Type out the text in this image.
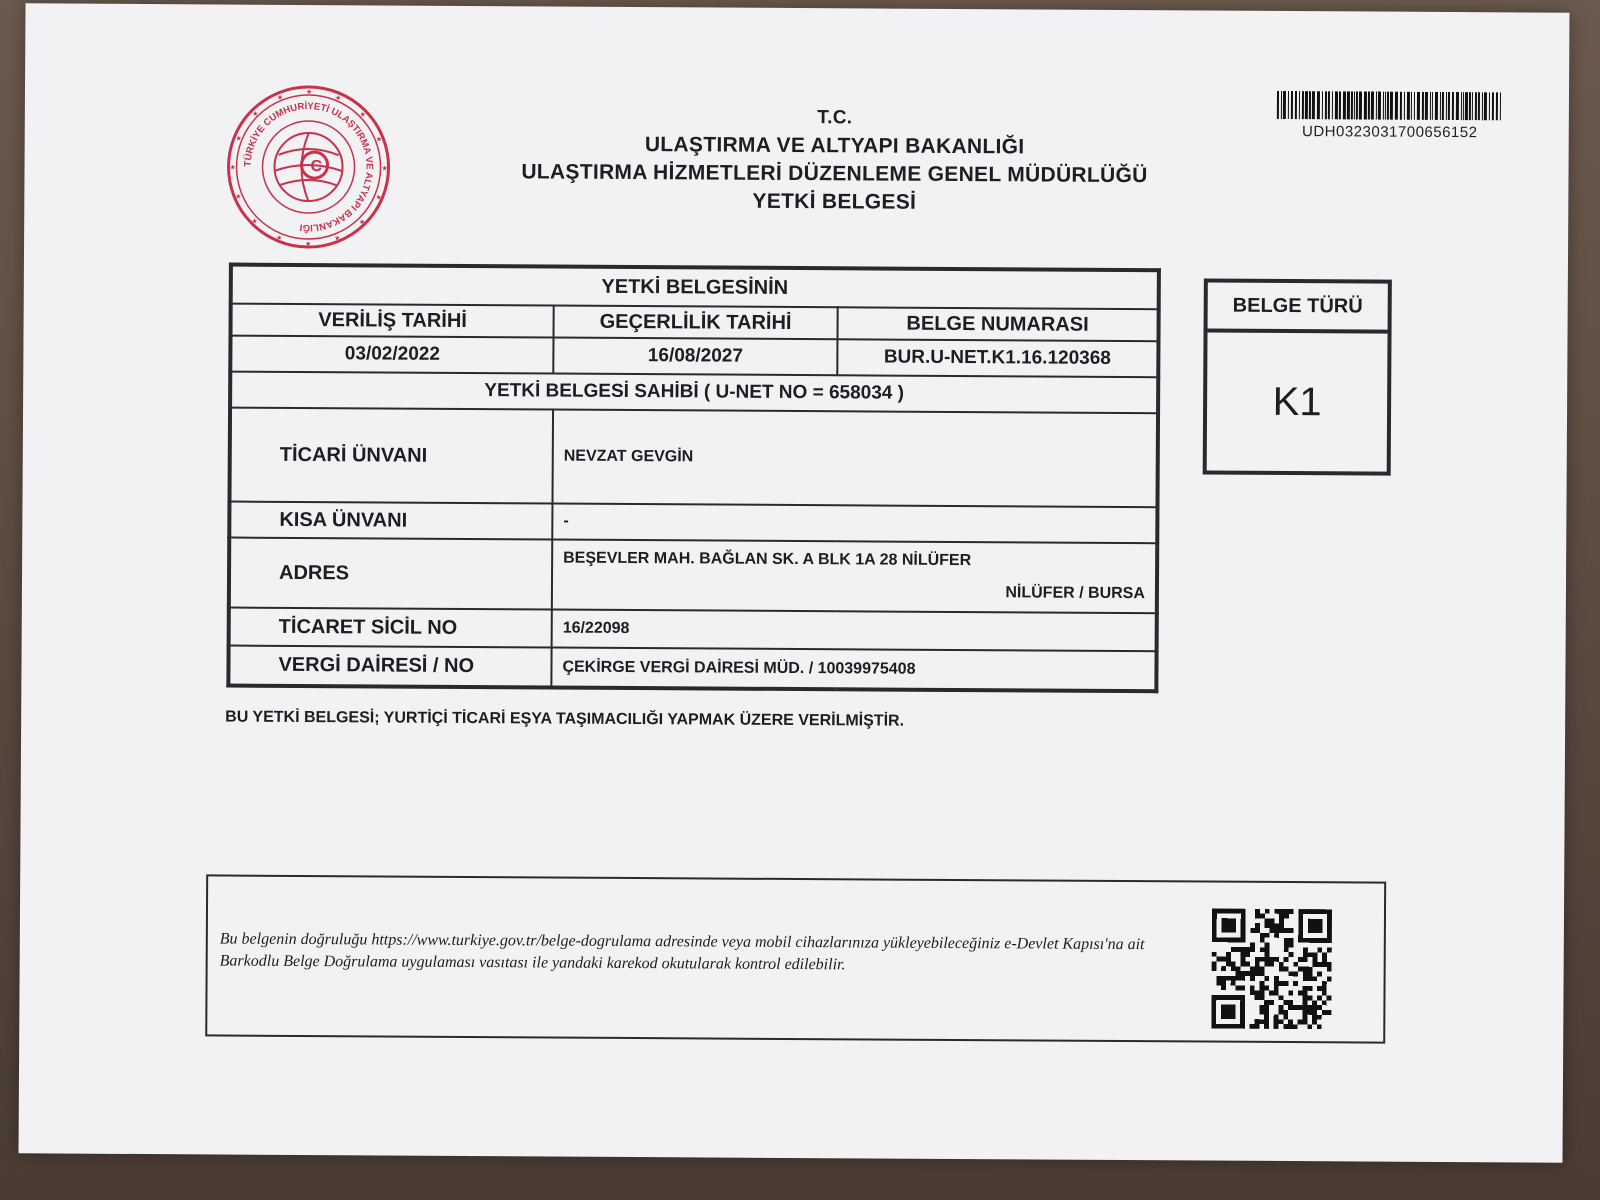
TÜRKİYE CUMHURİYETİ ULAŞTIRMA VE ALTYAPI BAKANLIĞI
C	★
★
★
★
★
★
★
★
★
★
★
★
★
★
★
★
T.C.
ULAŞTIRMA VE ALTYAPI BAKANLIĞI
ULAŞTIRMA HİZMETLERİ DÜZENLEME GENEL MÜDÜRLÜĞÜ
YETKİ BELGESİ
UDH0323031700656152
YETKİ BELGESİNİN		
VERİLİŞ TARİHİ	GEÇERLİLİK TARİHİ	BELGE NUMARASI
03/02/2022	16/08/2027	BUR.U-NET.K1.16.120368
YETKİ BELGESİ SAHİBİ ( U-NET NO = 658034 )		
TİCARİ ÜNVANI	NEVZAT GEVGİN	
KISA ÜNVANI	-	
ADRES	BEŞEVLER MAH. BAĞLAN SK. A BLK 1A 28 NİLÜFER
NİLÜFER / BURSA	

TİCARET SİCİL NO	16/22098	
VERGİ DAİRESİ / NO	ÇEKİRGE VERGİ DAİRESİ MÜD. / 10039975408	
BELGE TÜRÜ
K1
BU YETKİ BELGESİ; YURTİÇİ TİCARİ EŞYA TAŞIMACILIĞI YAPMAK ÜZERE VERİLMİŞTİR.
Bu belgenin doğruluğu https://www.turkiye.gov.tr/belge-dogrulama adresinde veya mobil cihazlarınıza yükleyebileceğiniz e-Devlet Kapısı'na ait Barkodlu Belge Doğrulama uygulaması vasıtası ile yandaki karekod okutularak kontrol edilebilir.
